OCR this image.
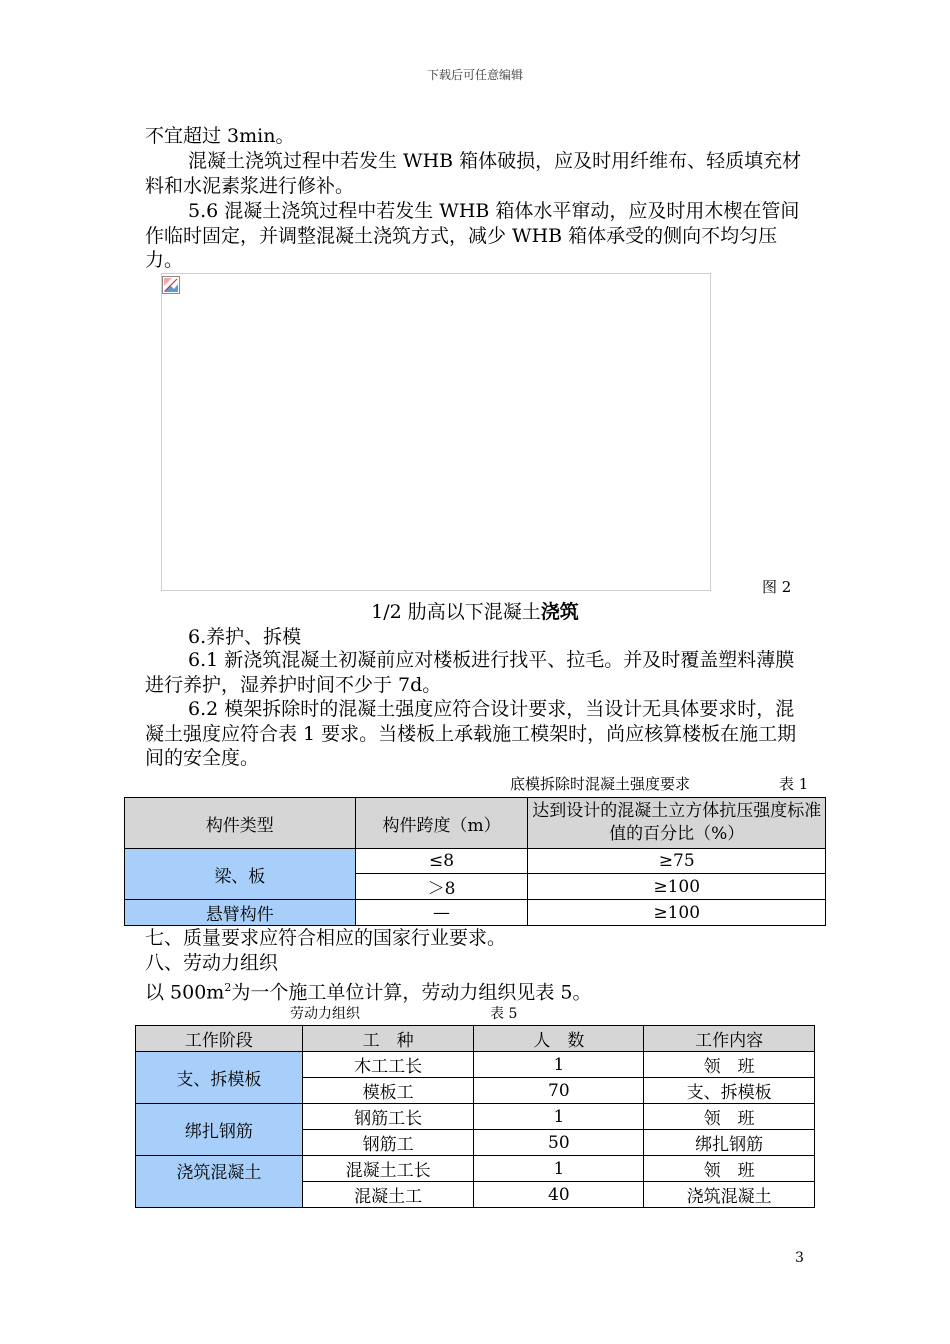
下载后可任意编辑
不宜超过 3min。
混凝土浇筑过程中若发生 WHB 箱体破损，应及时用纤维布、轻质填充材料和水泥素浆进行修补。
5.6 混凝土浇筑过程中若发生 WHB 箱体水平窜动，应及时用木楔在管间作临时固定，并调整混凝土浇筑方式，减少 WHB 箱体承受的侧向不均匀压力。
图 2
1/2 肋高以下混凝土浇筑
6.养护、拆模
6.1 新浇筑混凝土初凝前应对楼板进行找平、拉毛。并及时覆盖塑料薄膜进行养护，湿养护时间不少于 7d。
6.2 模架拆除时的混凝土强度应符合设计要求，当设计无具体要求时，混凝土强度应符合表 1 要求。当楼板上承载施工模架时，尚应核算楼板在施工期间的安全度。
底模拆除时混凝土强度要求	表 1
构件类型	构件跨度（m）	达到设计的混凝土立方体抗压强度标准值的百分比（%）
梁、板	≤8	≥75
	＞8	≥100
悬臂构件	—	≥100
七、质量要求应符合相应的国家行业要求。
八、劳动力组织
以 $500m^2$为一个施工单位计算，劳动力组织见表 5。
劳动力组织	表 5
工作阶段	工　种	人　数	工作内容
支、拆模板	木工工长	1	领　班
	模板工	70	支、拆模板
绑扎钢筋	钢筋工长	1	领　班
	钢筋工	50	绑扎钢筋
浇筑混凝土	混凝土工长	1	领　班
	混凝土工	40	浇筑混凝土
3
